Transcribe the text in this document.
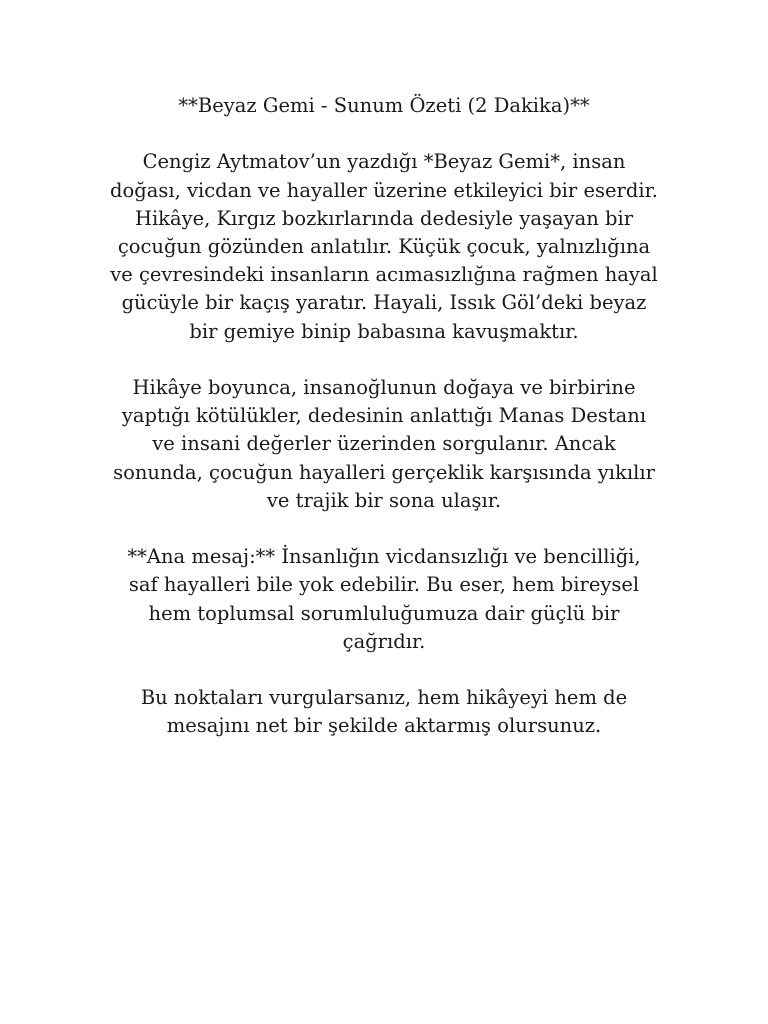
**Beyaz Gemi - Sunum Özeti (2 Dakika)**

Cengiz Aytmatov’un yazdığı *Beyaz Gemi*, insan doğası, vicdan ve hayaller üzerine etkileyici bir eserdir. Hikâye, Kırgız bozkırlarında dedesiyle yaşayan bir çocuğun gözünden anlatılır. Küçük çocuk, yalnızlığına ve çevresindeki insanların acımasızlığına rağmen hayal gücüyle bir kaçış yaratır. Hayali, Issık Göl’deki beyaz bir gemiye binip babasına kavuşmaktır.

Hikâye boyunca, insanoğlunun doğaya ve birbirine yaptığı kötülükler, dedesinin anlattığı Manas Destanı ve insani değerler üzerinden sorgulanır. Ancak sonunda, çocuğun hayalleri gerçeklik karşısında yıkılır ve trajik bir sona ulaşır.

**Ana mesaj:** İnsanlığın vicdansızlığı ve bencilliği, saf hayalleri bile yok edebilir. Bu eser, hem bireysel hem toplumsal sorumluluğumuza dair güçlü bir çağrıdır.

Bu noktaları vurgularsanız, hem hikâyeyi hem de mesajını net bir şekilde aktarmış olursunuz.
